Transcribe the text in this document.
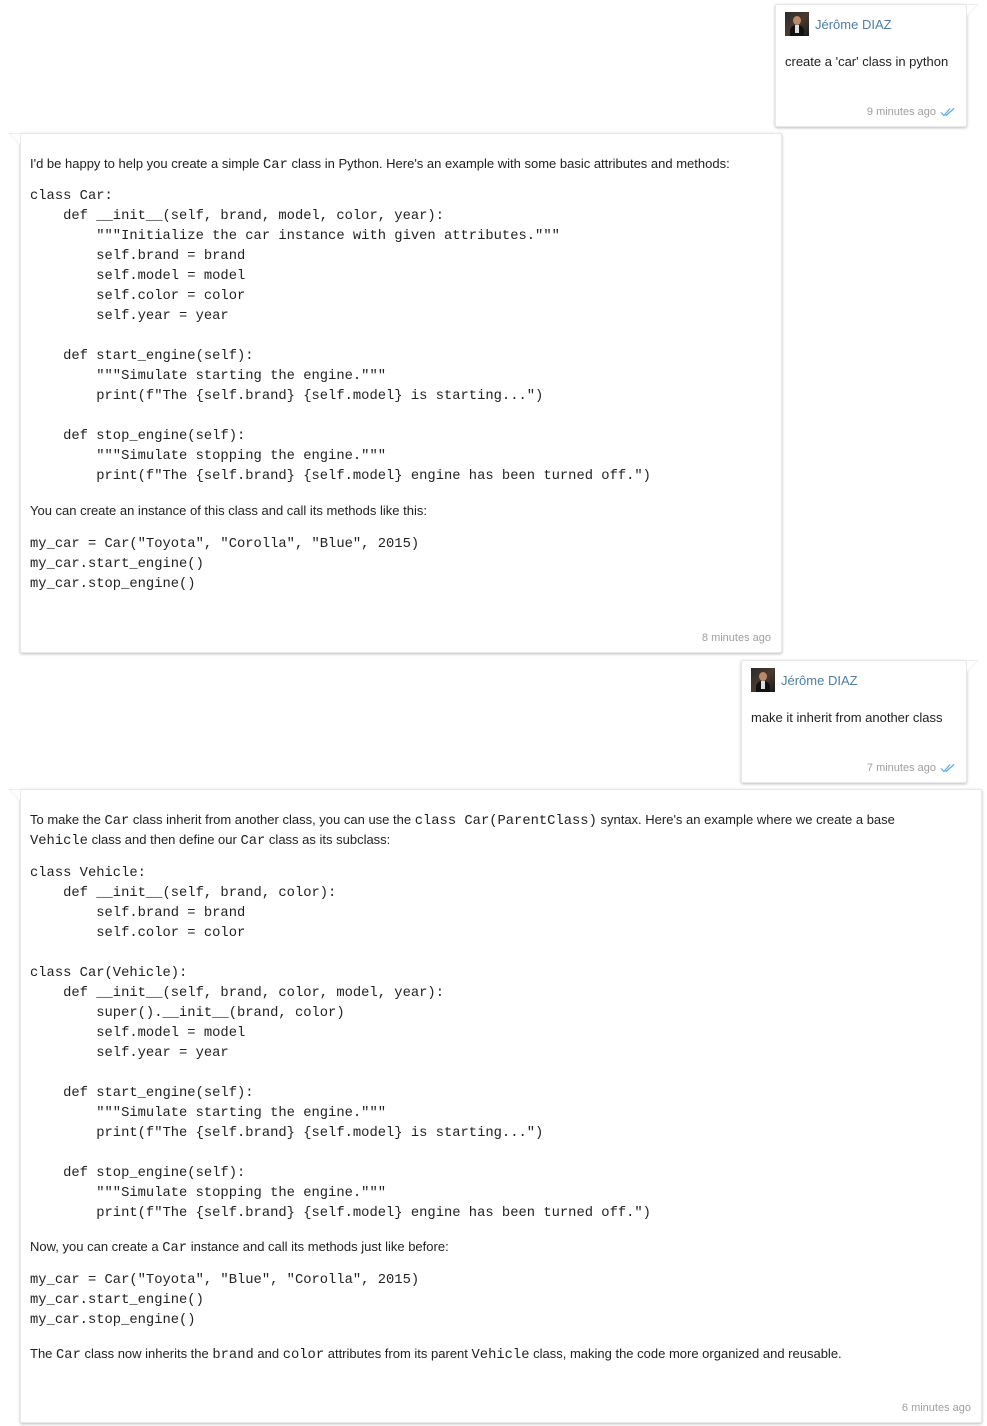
Jérôme DIAZ
create a 'car' class in python
9 minutes ago

I'd be happy to help you create a simple Car class in Python. Here's an example with some basic attributes and methods:

class Car:
def __init__(self, brand, model, color, year):
"""Initialize the car instance with given attributes."""
self.brand = brand
self.model = model
self.color = color
self.year = year

def start_engine(self):
"""Simulate starting the engine."""
print(f"The {self.brand} {self.model} is starting...")

def stop_engine(self):
"""Simulate stopping the engine."""
print(f"The {self.brand} {self.model} engine has been turned off.")

You can create an instance of this class and call its methods like this:

my_car = Car("Toyota", "Corolla", "Blue", 2015)
my_car.start_engine()
my_car.stop_engine()
8 minutes ago
Jérôme DIAZ
make it inherit from another class
7 minutes ago

To make the Car class inherit from another class, you can use the class Car(ParentClass) syntax. Here's an example where we create a base

Vehicle class and then define our Car class as its subclass:

class Vehicle:
def __init__(self, brand, color):
self.brand = brand
self.color = color

class Car(Vehicle):
def __init__(self, brand, color, model, year):
super().__init__(brand, color)
self.model = model
self.year = year

def start_engine(self):
"""Simulate starting the engine."""
print(f"The {self.brand} {self.model} is starting...")

def stop_engine(self):
"""Simulate stopping the engine."""
print(f"The {self.brand} {self.model} engine has been turned off.")

Now, you can create a Car instance and call its methods just like before:

my_car = Car("Toyota", "Blue", "Corolla", 2015)
my_car.start_engine()
my_car.stop_engine()

The Car class now inherits the brand and color attributes from its parent Vehicle class, making the code more organized and reusable.

6 minutes ago
